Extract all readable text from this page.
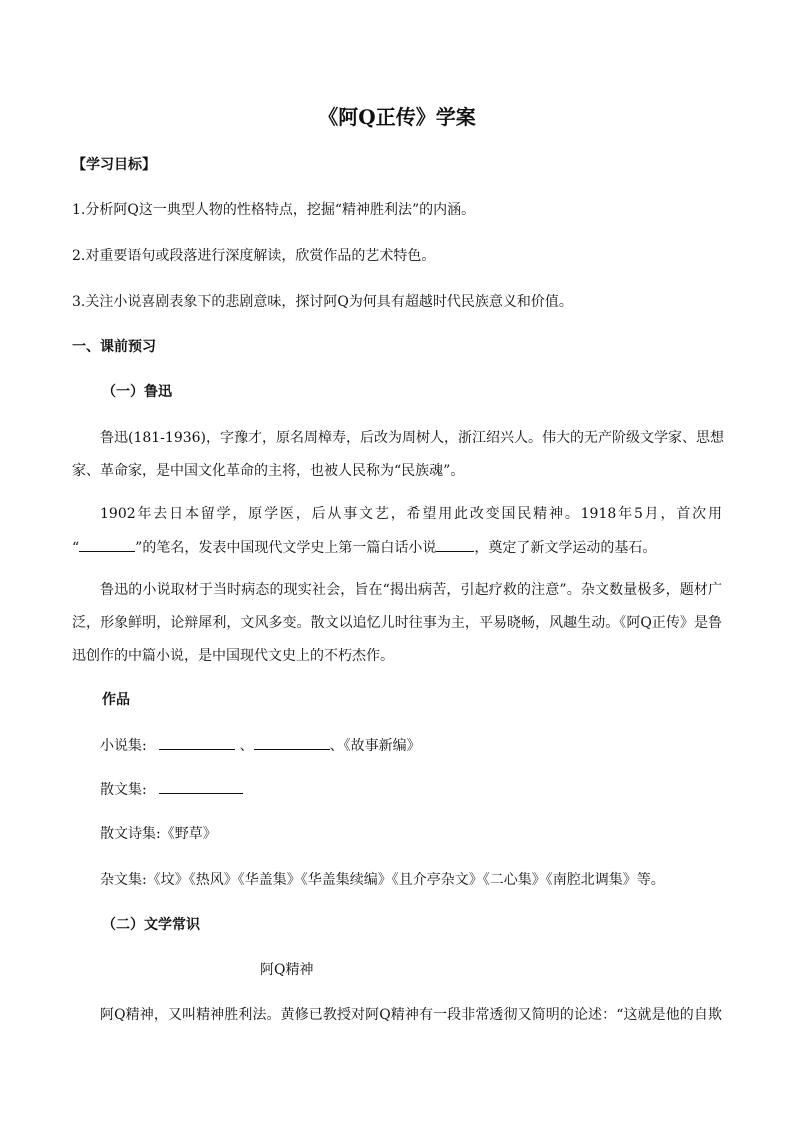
《阿Q正传》学案
【学习目标】
1.分析阿Q这一典型人物的性格特点，挖掘“精神胜利法”的内涵。
2.对重要语句或段落进行深度解读，欣赏作品的艺术特色。
3.关注小说喜剧表象下的悲剧意味，探讨阿Q为何具有超越时代民族意义和价值。
一、课前预习
（一）鲁迅
鲁迅(181-1936)，字豫才，原名周樟寿，后改为周树人，浙江绍兴人。伟大的无产阶级文学家、思想
家、革命家，是中国文化革命的主将，也被人民称为“民族魂”。
1902年去日本留学，原学医，后从事文艺，希望用此改变国民精神。1918年5月，首次用
“	”的笔名，发表中国现代文学史上第一篇白话小说	，奠定了新文学运动的基石。
鲁迅的小说取材于当时病态的现实社会，旨在“揭出病苦，引起疗救的注意”。杂文数量极多，题材广
泛，形象鲜明，论辩犀利，文风多变。散文以追忆儿时往事为主，平易晓畅，风趣生动。《阿Q正传》是鲁
迅创作的中篇小说，是中国现代文史上的不朽杰作。
作品
小说集:	、	、《故事新编》
散文集:
散文诗集:《野草》
杂文集:《坟》《热风》《华盖集》《华盖集续编》《且介亭杂文》《二心集》《南腔北调集》等。
（二）文学常识
阿Q精神
阿Q精神，又叫精神胜利法。黄修已教授对阿Q精神有一段非常透彻又简明的论述：“这就是他的自欺
